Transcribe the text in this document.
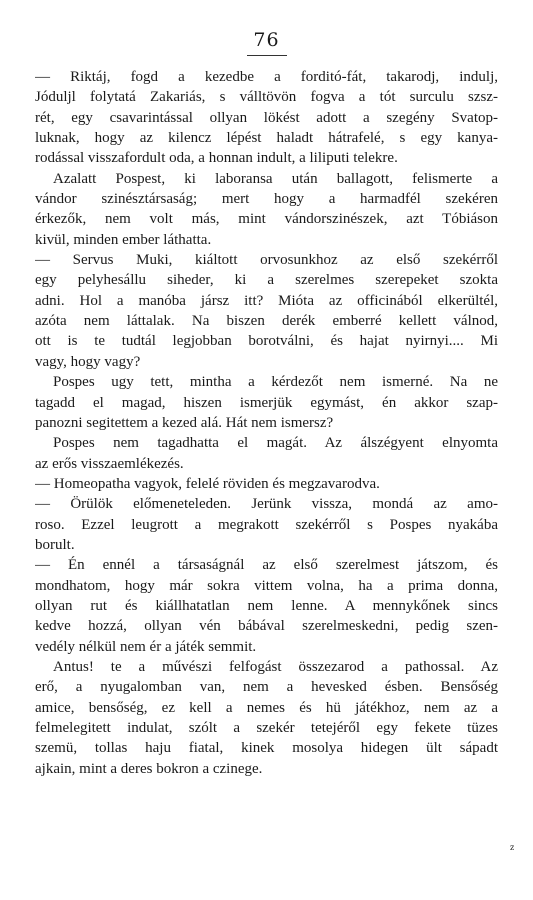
76
— Riktáj, fogd a kezedbe a forditó-fát, takarodj, indulj,
Jóduljl folytatá Zakariás, s válltövön fogva a tót surculu szsz-
rét, egy csavarintással ollyan lökést adott a szegény Svatop-
luknak, hogy az kilencz lépést haladt hátrafelé, s egy kanya-
rodással visszafordult oda, a honnan indult, a liliputi telekre.
Azalatt Pospest, ki laboransa után ballagott, felismerte a
vándor szinésztársaság; mert hogy a harmadfél szekéren
érkezők, nem volt más, mint vándorszinészek, azt Tóbiáson
kivül, minden ember láthatta.
— Servus Muki, kiáltott orvosunkhoz az első szekérről
egy pelyhesállu siheder, ki a szerelmes szerepeket szokta
adni. Hol a manóba jársz itt? Mióta az officinából elkerültél,
azóta nem láttalak. Na biszen derék emberré kellett válnod,
ott is te tudtál legjobban borotválni, és hajat nyirnyi.... Mi
vagy, hogy vagy?
Pospes ugy tett, mintha a kérdezőt nem ismerné. Na ne
tagadd el magad, hiszen ismerjük egymást, én akkor szap-
panozni segitettem a kezed alá. Hát nem ismersz?
Pospes nem tagadhatta el magát. Az álszégyent elnyomta
az erős visszaemlékezés.
— Homeopatha vagyok, felelé röviden és megzavarodva.
— Örülök előmeneteleden. Jerünk vissza, mondá az amo-
roso. Ezzel leugrott a megrakott szekérről s Pospes nyakába
borult.
— Én ennél a társaságnál az első szerelmest játszom, és
mondhatom, hogy már sokra vittem volna, ha a prima donna,
ollyan rut és kiállhatatlan nem lenne. A mennykőnek sincs
kedve hozzá, ollyan vén bábával szerelmeskedni, pedig szen-
vedély nélkül nem ér a játék semmit.
Antus! te a művészi felfogást összezarod a pathossal. Az
erő, a nyugalomban van, nem a hevesked ésben. Bensőség
amice, bensőség, ez kell a nemes és hü játékhoz, nem az a
felmelegitett indulat, szólt a szekér tetejéről egy fekete tüzes
szemü, tollas haju fiatal, kinek mosolya hidegen ült sápadt
ajkain, mint a deres bokron a czinege.
z
